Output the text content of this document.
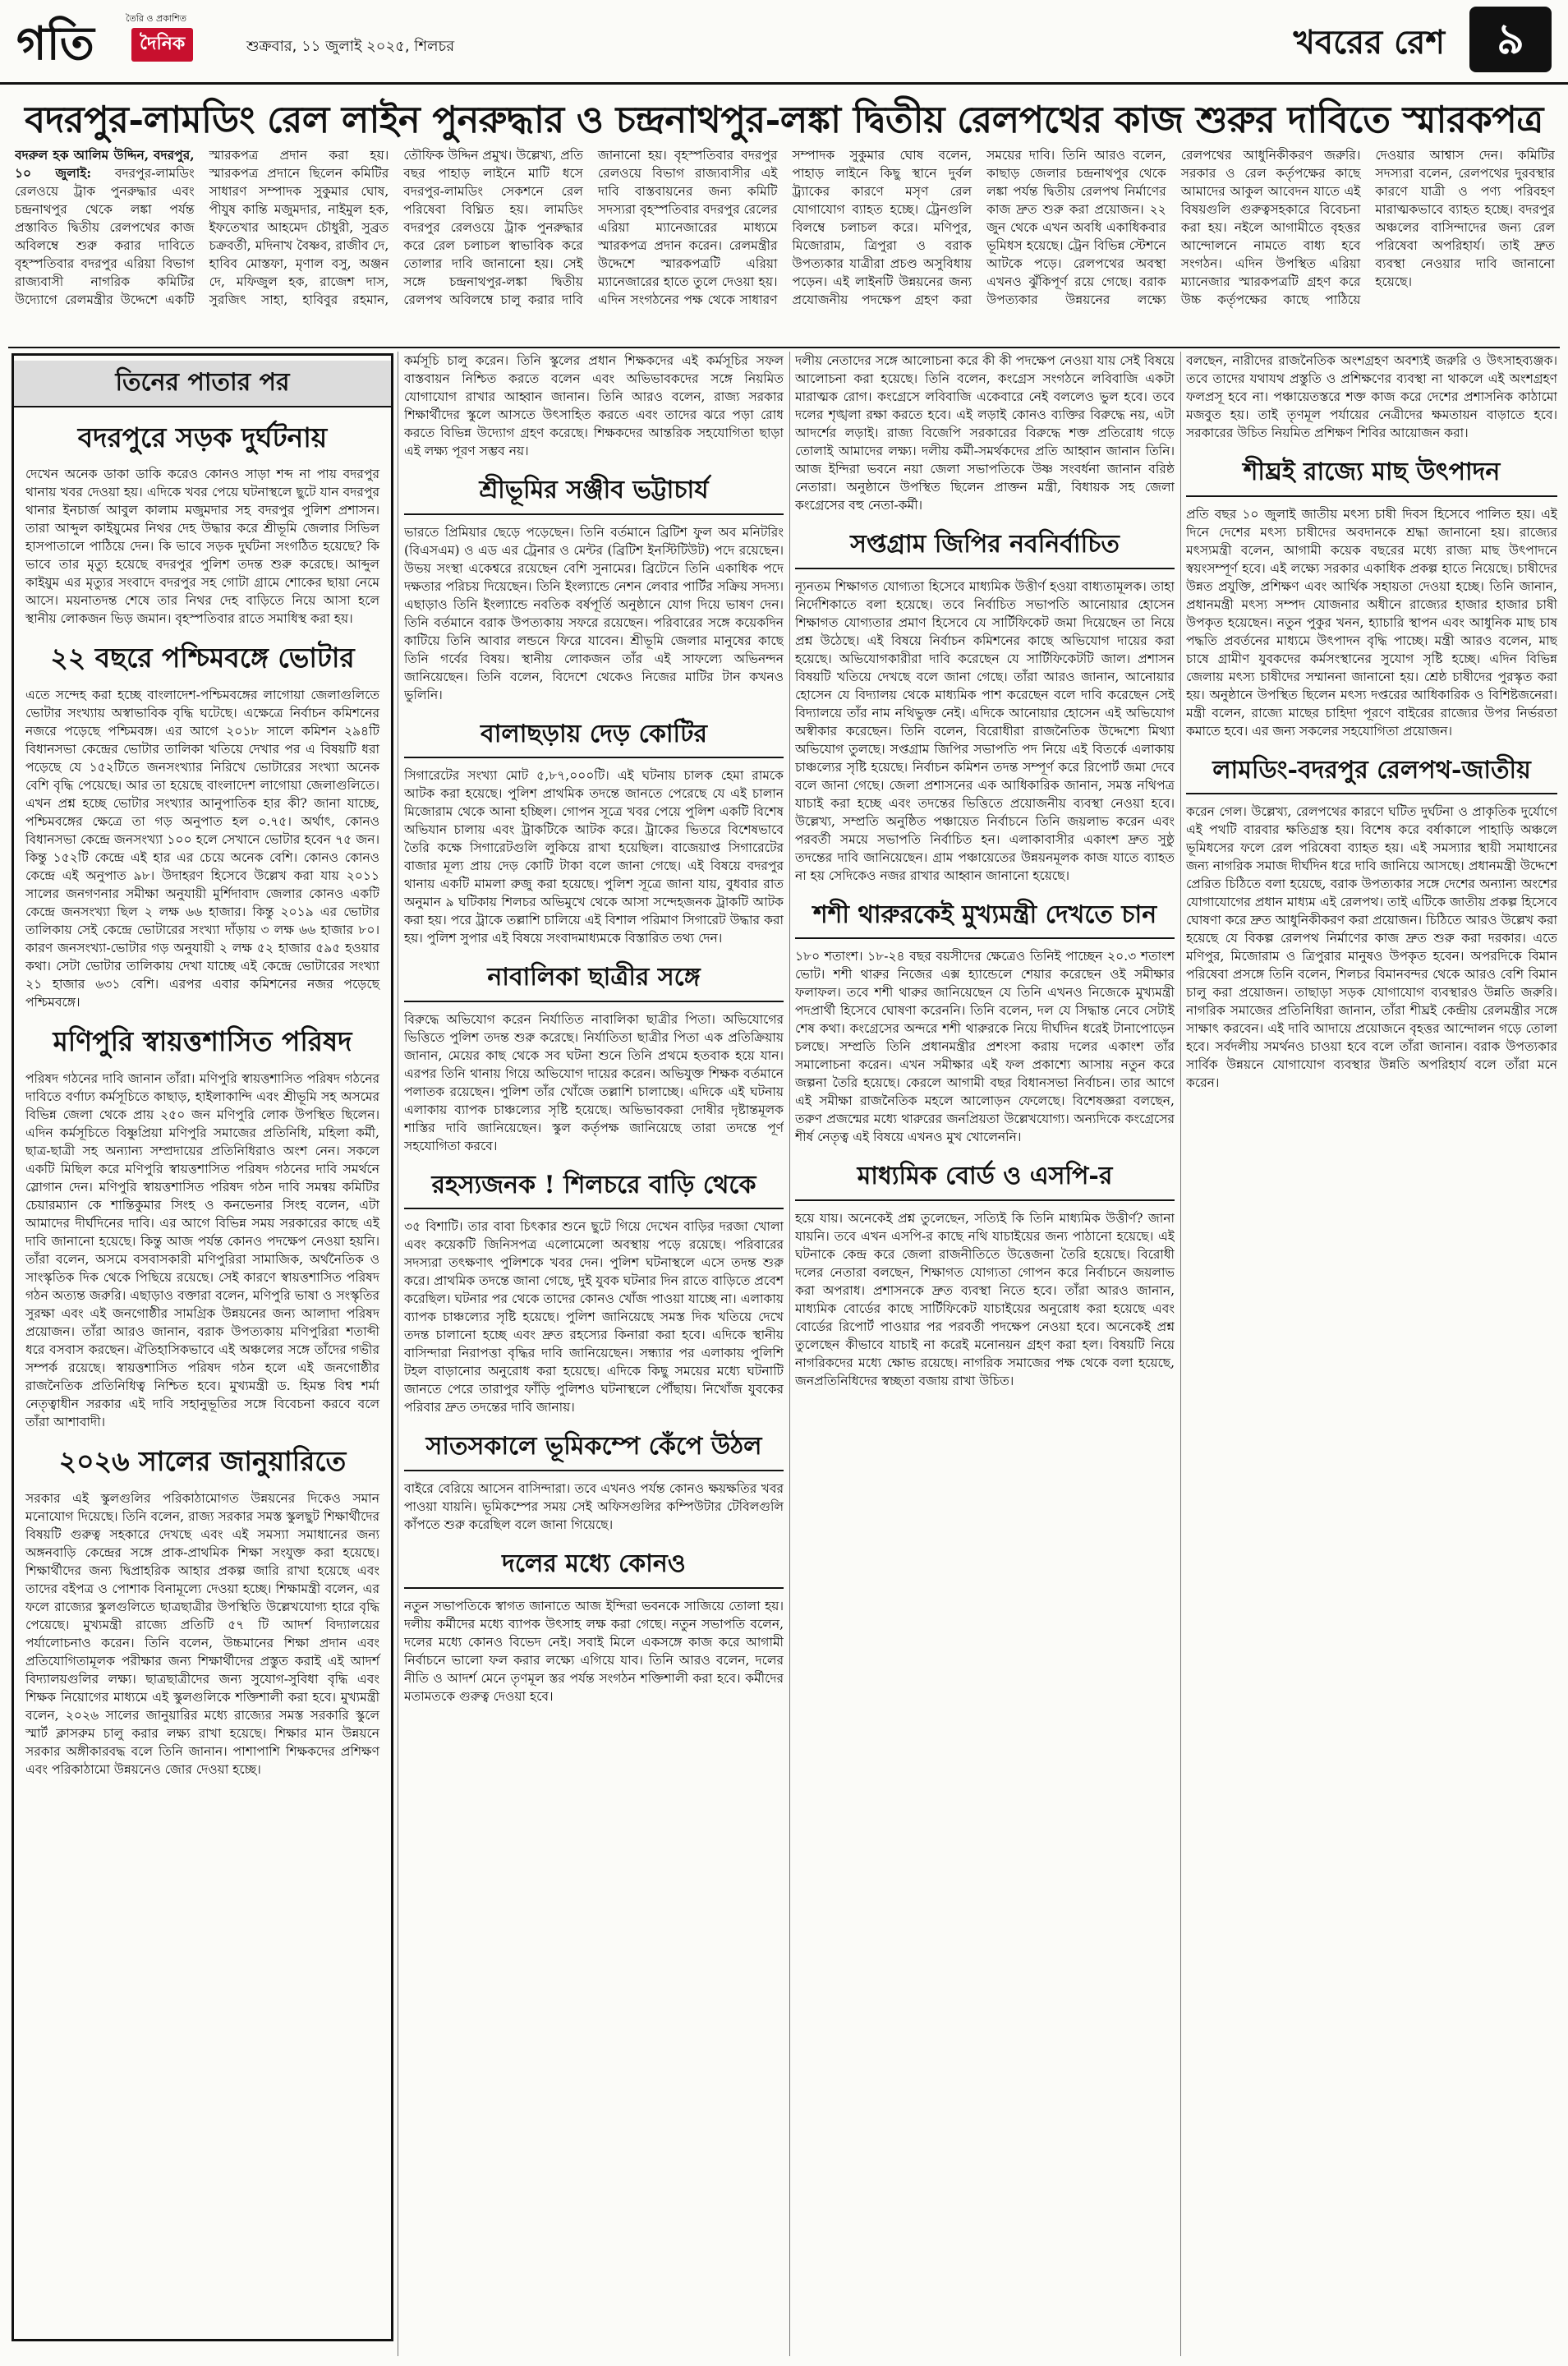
গতি	তৈরি ও প্রকাশিত
দৈনিক	শুক্রবার, ১১ জুলাই ২০২৫, শিলচর	খবরের রেশ	৯
বদরপুর-লামডিং রেল লাইন পুনরুদ্ধার ও চন্দ্রনাথপুর-লঙ্কা দ্বিতীয় রেলপথের কাজ শুরুর দাবিতে স্মারকপত্র
বদরুল হক আলিম উদ্দিন, বদরপুর, ১০ জুলাই: বদরপুর-লামডিং রেলওয়ে ট্রাক পুনরুদ্ধার এবং চন্দ্রনাথপুর থেকে লঙ্কা পর্যন্ত প্রস্তাবিত দ্বিতীয় রেলপথের কাজ অবিলম্বে শুরু করার দাবিতে বৃহস্পতিবার বদরপুর এরিয়া বিভাগ রাজ্যবাসী নাগরিক কমিটির উদ্যোগে রেলমন্ত্রীর উদ্দেশে একটি স্মারকপত্র প্রদান করা হয়। স্মারকপত্র প্রদানে ছিলেন কমিটির সাধারণ সম্পাদক সুকুমার ঘোষ, পীযুষ কান্তি মজুমদার, নাইমুল হক, ইফতেখার আহমেদ চৌধুরী, সুব্রত চক্রবর্তী, মদিনাখ বৈষ্ণব, রাজীব দে, হাবিব মোস্তফা, মৃণাল বসু, অঞ্জন দে, মফিজুল হক, রাজেশ দাস, সুরজিৎ সাহা, হাবিবুর রহমান, তৌফিক উদ্দিন প্রমুখ। উল্লেখ্য, প্রতি বছর পাহাড় লাইনে মাটি ধসে বদরপুর-লামডিং সেকশনে রেল পরিষেবা বিঘ্নিত হয়। লামডিং বদরপুর রেলওয়ে ট্রাক পুনরুদ্ধার করে রেল চলাচল স্বাভাবিক করে তোলার দাবি জানানো হয়। সেই সঙ্গে চন্দ্রনাথপুর-লঙ্কা দ্বিতীয় রেলপথ অবিলম্বে চালু করার দাবি জানানো হয়। বৃহস্পতিবার বদরপুর রেলওয়ে বিভাগ রাজ্যবাসীর এই দাবি বাস্তবায়নের জন্য কমিটি সদস্যরা বৃহস্পতিবার বদরপুর রেলের এরিয়া ম্যানেজারের মাধ্যমে স্মারকপত্র প্রদান করেন। রেলমন্ত্রীর উদ্দেশে স্মারকপত্রটি এরিয়া ম্যানেজারের হাতে তুলে দেওয়া হয়। এদিন সংগঠনের পক্ষ থেকে সাধারণ সম্পাদক সুকুমার ঘোষ বলেন, পাহাড় লাইনে কিছু স্থানে দুর্বল ট্র্যাকের কারণে মসৃণ রেল যোগাযোগ ব্যাহত হচ্ছে। ট্রেনগুলি বিলম্বে চলাচল করে। মণিপুর, মিজোরাম, ত্রিপুরা ও বরাক উপত্যকার যাত্রীরা প্রচণ্ড অসুবিধায় পড়েন। এই লাইনটি উন্নয়নের জন্য প্রযোজনীয় পদক্ষেপ গ্রহণ করা সময়ের দাবি। তিনি আরও বলেন, কাছাড় জেলার চন্দ্রনাথপুর থেকে লঙ্কা পর্যন্ত দ্বিতীয় রেলপথ নির্মাণের কাজ দ্রুত শুরু করা প্রয়োজন। ২২ জুন থেকে এখন অবধি একাধিকবার ভূমিধস হয়েছে। ট্রেন বিভিন্ন স্টেশনে আটকে পড়ে। রেলপথের অবস্থা এখনও ঝুঁকিপূর্ণ রয়ে গেছে। বরাক উপত্যকার উন্নয়নের লক্ষ্যে রেলপথের আধুনিকীকরণ জরুরি। সরকার ও রেল কর্তৃপক্ষের কাছে আমাদের আকুল আবেদন যাতে এই বিষয়গুলি গুরুত্বসহকারে বিবেচনা করা হয়। নইলে আগামীতে বৃহত্তর আন্দোলনে নামতে বাধ্য হবে সংগঠন। এদিন উপস্থিত এরিয়া ম্যানেজার স্মারকপত্রটি গ্রহণ করে উচ্চ কর্তৃপক্ষের কাছে পাঠিয়ে দেওয়ার আশ্বাস দেন। কমিটির সদস্যরা বলেন, রেলপথের দুরবস্থার কারণে যাত্রী ও পণ্য পরিবহণ মারাত্মকভাবে ব্যাহত হচ্ছে। বদরপুর অঞ্চলের বাসিন্দাদের জন্য রেল পরিষেবা অপরিহার্য। তাই দ্রুত ব্যবস্থা নেওয়ার দাবি জানানো হয়েছে।
তিনের পাতার পর
বদরপুরে সড়ক দুর্ঘটনায়

দেখেন অনেক ডাকা ডাকি করেও কোনও সাড়া শব্দ না পায় বদরপুর থানায় খবর দেওয়া হয়। এদিকে খবর পেয়ে ঘটনাস্থলে ছুটে যান বদরপুর থানার ইনচার্জ আবুল কালাম মজুমদার সহ বদরপুর পুলিশ প্রশাসন। তারা আব্দুল কাইয়ুমের নিথর দেহ উদ্ধার করে শ্রীভূমি জেলার সিভিল হাসপাতালে পাঠিয়ে দেন। কি ভাবে সড়ক দুর্ঘটনা সংগঠিত হয়েছে? কি ভাবে তার মৃত্যু হয়েছে বদরপুর পুলিশ তদন্ত শুরু করেছে। আব্দুল কাইয়ুম এর মৃত্যুর সংবাদে বদরপুর সহ গোটা গ্রামে শোকের ছায়া নেমে আসে। ময়নাতদন্ত শেষে তার নিথর দেহ বাড়িতে নিয়ে আসা হলে স্থানীয় লোকজন ভিড় জমান। বৃহস্পতিবার রাতে সমাধিস্থ করা হয়।

২২ বছরে পশ্চিমবঙ্গে ভোটার

এতে সন্দেহ করা হচ্ছে বাংলাদেশ-পশ্চিমবঙ্গের লাগোয়া জেলাগুলিতে ভোটার সংখ্যায় অস্বাভাবিক বৃদ্ধি ঘটেছে। এক্ষেত্রে নির্বাচন কমিশনের নজরে পড়েছে পশ্চিমবঙ্গ। এর আগে ২০১৮ সালে কমিশন ২৯৪টি বিধানসভা কেন্দ্রের ভোটার তালিকা খতিয়ে দেখার পর এ বিষয়টি ধরা পড়েছে যে ১৫২টিতে জনসংখ্যার নিরিখে ভোটারের সংখ্যা অনেক বেশি বৃদ্ধি পেয়েছে। আর তা হয়েছে বাংলাদেশ লাগোয়া জেলাগুলিতে। এখন প্রশ্ন হচ্ছে ভোটার সংখ্যার আনুপাতিক হার কী? জানা যাচ্ছে, পশ্চিমবঙ্গের ক্ষেত্রে তা গড় অনুপাত হল ০.৭৫। অর্থাৎ, কোনও বিধানসভা কেন্দ্রে জনসংখ্যা ১০০ হলে সেখানে ভোটার হবেন ৭৫ জন। কিন্তু ১৫২টি কেন্দ্রে এই হার এর চেয়ে অনেক বেশি। কোনও কোনও কেন্দ্রে এই অনুপাত ৯৮। উদাহরণ হিসেবে উল্লেখ করা যায় ২০১১ সালের জনগণনার সমীক্ষা অনুযায়ী মুর্শিদাবাদ জেলার কোনও একটি কেন্দ্রে জনসংখ্যা ছিল ২ লক্ষ ৬৬ হাজার। কিন্তু ২০১৯ এর ভোটার তালিকায় সেই কেন্দ্রে ভোটারের সংখ্যা দাঁড়ায় ৩ লক্ষ ৬৬ হাজার ৮০। কারণ জনসংখ্যা-ভোটার গড় অনুযায়ী ২ লক্ষ ৫২ হাজার ৫৯৫ হওয়ার কথা। সেটা ভোটার তালিকায় দেখা যাচ্ছে এই কেন্দ্রে ভোটারের সংখ্যা ২১ হাজার ৬৩১ বেশি। এরপর এবার কমিশনের নজর পড়েছে পশ্চিমবঙ্গে।

মণিপুরি স্বায়ত্তশাসিত পরিষদ

পরিষদ গঠনের দাবি জানান তাঁরা। মণিপুরি স্বায়ত্তশাসিত পরিষদ গঠনের দাবিতে বর্ণাঢ্য কর্মসূচিতে কাছাড়, হাইলাকান্দি এবং শ্রীভূমি সহ অসমের বিভিন্ন জেলা থেকে প্রায় ২৫০ জন মণিপুরি লোক উপস্থিত ছিলেন। এদিন কর্মসূচিতে বিষ্ণুপ্রিয়া মণিপুরি সমাজের প্রতিনিধি, মহিলা কর্মী, ছাত্র-ছাত্রী সহ অন্যান্য সম্প্রদায়ের প্রতিনিধিরাও অংশ নেন। সকলে একটি মিছিল করে মণিপুরি স্বায়ত্তশাসিত পরিষদ গঠনের দাবি সমর্থনে স্লোগান দেন। মণিপুরি স্বায়ত্তশাসিত পরিষদ গঠন দাবি সমন্বয় কমিটির চেয়ারম্যান কে শান্তিকুমার সিংহ ও কনভেনার সিংহ বলেন, এটা আমাদের দীর্ঘদিনের দাবি। এর আগে বিভিন্ন সময় সরকারের কাছে এই দাবি জানানো হয়েছে। কিন্তু আজ পর্যন্ত কোনও পদক্ষেপ নেওয়া হয়নি। তাঁরা বলেন, অসমে বসবাসকারী মণিপুরিরা সামাজিক, অর্থনৈতিক ও সাংস্কৃতিক দিক থেকে পিছিয়ে রয়েছে। সেই কারণে স্বায়ত্তশাসিত পরিষদ গঠন অত্যন্ত জরুরি। এছাড়াও বক্তারা বলেন, মণিপুরি ভাষা ও সংস্কৃতির সুরক্ষা এবং এই জনগোষ্ঠীর সামগ্রিক উন্নয়নের জন্য আলাদা পরিষদ প্রয়োজন। তাঁরা আরও জানান, বরাক উপত্যকায় মণিপুরিরা শতাব্দী ধরে বসবাস করছেন। ঐতিহাসিকভাবে এই অঞ্চলের সঙ্গে তাঁদের গভীর সম্পর্ক রয়েছে। স্বায়ত্তশাসিত পরিষদ গঠন হলে এই জনগোষ্ঠীর রাজনৈতিক প্রতিনিধিত্ব নিশ্চিত হবে। মুখ্যমন্ত্রী ড. হিমন্ত বিশ্ব শর্মা নেতৃত্বাধীন সরকার এই দাবি সহানুভূতির সঙ্গে বিবেচনা করবে বলে তাঁরা আশাবাদী।

২০২৬ সালের জানুয়ারিতে

সরকার এই স্কুলগুলির পরিকাঠামোগত উন্নয়নের দিকেও সমান মনোযোগ দিয়েছে। তিনি বলেন, রাজ্য সরকার সমস্ত স্কুলছুট শিক্ষার্থীদের বিষয়টি গুরুত্ব সহকারে দেখছে এবং এই সমস্যা সমাধানের জন্য অঙ্গনবাড়ি কেন্দ্রের সঙ্গে প্রাক-প্রাথমিক শিক্ষা সংযুক্ত করা হয়েছে। শিক্ষার্থীদের জন্য দ্বিপ্রাহরিক আহার প্রকল্প জারি রাখা হয়েছে এবং তাদের বইপত্র ও পোশাক বিনামূল্যে দেওয়া হচ্ছে। শিক্ষামন্ত্রী বলেন, এর ফলে রাজ্যের স্কুলগুলিতে ছাত্রছাত্রীর উপস্থিতি উল্লেখযোগ্য হারে বৃদ্ধি পেয়েছে। মুখ্যমন্ত্রী রাজ্যে প্রতিটি ৫৭ টি আদর্শ বিদ্যালয়ের পর্যালোচনাও করেন। তিনি বলেন, উচ্চমানের শিক্ষা প্রদান এবং প্রতিযোগিতামূলক পরীক্ষার জন্য শিক্ষার্থীদের প্রস্তুত করাই এই আদর্শ বিদ্যালয়গুলির লক্ষ্য। ছাত্রছাত্রীদের জন্য সুযোগ-সুবিধা বৃদ্ধি এবং শিক্ষক নিয়োগের মাধ্যমে এই স্কুলগুলিকে শক্তিশালী করা হবে। মুখ্যমন্ত্রী বলেন, ২০২৬ সালের জানুয়ারির মধ্যে রাজ্যের সমস্ত সরকারি স্কুলে স্মার্ট ক্লাসরুম চালু করার লক্ষ্য রাখা হয়েছে। শিক্ষার মান উন্নয়নে সরকার অঙ্গীকারবদ্ধ বলে তিনি জানান। পাশাপাশি শিক্ষকদের প্রশিক্ষণ এবং পরিকাঠামো উন্নয়নেও জোর দেওয়া হচ্ছে।

কর্মসূচি চালু করেন। তিনি স্কুলের প্রধান শিক্ষকদের এই কর্মসূচির সফল বাস্তবায়ন নিশ্চিত করতে বলেন এবং অভিভাবকদের সঙ্গে নিয়মিত যোগাযোগ রাখার আহ্বান জানান। তিনি আরও বলেন, রাজ্য সরকার শিক্ষার্থীদের স্কুলে আসতে উৎসাহিত করতে এবং তাদের ঝরে পড়া রোধ করতে বিভিন্ন উদ্যোগ গ্রহণ করেছে। শিক্ষকদের আন্তরিক সহযোগিতা ছাড়া এই লক্ষ্য পূরণ সম্ভব নয়।

শ্রীভূমির সঞ্জীব ভট্টাচার্য

ভারতে প্রিমিয়ার ছেড়ে পড়েছেন। তিনি বর্তমানে ব্রিটিশ ফুল অব মনিটরিং (বিএসএম) ও এড এর ট্রেনার ও মেন্টর (ব্রিটিশ ইনস্টিটিউট) পদে রয়েছেন। উভয় সংস্থা একেশ্বরে রয়েছেন বেশি সুনামের। ব্রিটেনে তিনি একাধিক পদে দক্ষতার পরিচয় দিয়েছেন। তিনি ইংল্যান্ডে নেশন লেবার পার্টির সক্রিয় সদস্য। এছাড়াও তিনি ইংল্যান্ডে নবতিক বর্ষপূর্তি অনুষ্ঠানে যোগ দিয়ে ভাষণ দেন। তিনি বর্তমানে বরাক উপত্যকায় সফরে রয়েছেন। পরিবারের সঙ্গে কয়েকদিন কাটিয়ে তিনি আবার লন্ডনে ফিরে যাবেন। শ্রীভূমি জেলার মানুষের কাছে তিনি গর্বের বিষয়। স্থানীয় লোকজন তাঁর এই সাফল্যে অভিনন্দন জানিয়েছেন। তিনি বলেন, বিদেশে থেকেও নিজের মাটির টান কখনও ভুলিনি।

বালাছড়ায় দেড় কোটির

সিগারেটের সংখ্যা মোট ৫,৮৭,০০০টি। এই ঘটনায় চালক হেমা রামকে আটক করা হয়েছে। পুলিশ প্রাথমিক তদন্তে জানতে পেরেছে যে এই চালান মিজোরাম থেকে আনা হচ্ছিল। গোপন সূত্রে খবর পেয়ে পুলিশ একটি বিশেষ অভিযান চালায় এবং ট্রাকটিকে আটক করে। ট্রাকের ভিতরে বিশেষভাবে তৈরি কক্ষে সিগারেটগুলি লুকিয়ে রাখা হয়েছিল। বাজেয়াপ্ত সিগারেটের বাজার মূল্য প্রায় দেড় কোটি টাকা বলে জানা গেছে। এই বিষয়ে বদরপুর থানায় একটি মামলা রুজু করা হয়েছে। পুলিশ সূত্রে জানা যায়, বুধবার রাত অনুমান ৯ ঘটিকায় শিলচর অভিমুখে থেকে আসা সন্দেহজনক ট্রাকটি আটক করা হয়। পরে ট্রাকে তল্লাশি চালিয়ে এই বিশাল পরিমাণ সিগারেট উদ্ধার করা হয়। পুলিশ সুপার এই বিষয়ে সংবাদমাধ্যমকে বিস্তারিত তথ্য দেন।

নাবালিকা ছাত্রীর সঙ্গে

বিরুদ্ধে অভিযোগ করেন নির্যাতিত নাবালিকা ছাত্রীর পিতা। অভিযোগের ভিত্তিতে পুলিশ তদন্ত শুরু করেছে। নির্যাতিতা ছাত্রীর পিতা এক প্রতিক্রিয়ায় জানান, মেয়ের কাছ থেকে সব ঘটনা শুনে তিনি প্রথমে হতবাক হয়ে যান। এরপর তিনি থানায় গিয়ে অভিযোগ দায়ের করেন। অভিযুক্ত শিক্ষক বর্তমানে পলাতক রয়েছেন। পুলিশ তাঁর খোঁজে তল্লাশি চালাচ্ছে। এদিকে এই ঘটনায় এলাকায় ব্যাপক চাঞ্চল্যের সৃষ্টি হয়েছে। অভিভাবকরা দোষীর দৃষ্টান্তমূলক শাস্তির দাবি জানিয়েছেন। স্কুল কর্তৃপক্ষ জানিয়েছে তারা তদন্তে পূর্ণ সহযোগিতা করবে।

রহস্যজনক ! শিলচরে বাড়ি থেকে

৩৫ বিশাটি। তার বাবা চিৎকার শুনে ছুটে গিয়ে দেখেন বাড়ির দরজা খোলা এবং কয়েকটি জিনিসপত্র এলোমেলো অবস্থায় পড়ে রয়েছে। পরিবারের সদস্যরা তৎক্ষণাৎ পুলিশকে খবর দেন। পুলিশ ঘটনাস্থলে এসে তদন্ত শুরু করে। প্রাথমিক তদন্তে জানা গেছে, দুই যুবক ঘটনার দিন রাতে বাড়িতে প্রবেশ করেছিল। ঘটনার পর থেকে তাদের কোনও খোঁজ পাওয়া যাচ্ছে না। এলাকায় ব্যাপক চাঞ্চল্যের সৃষ্টি হয়েছে। পুলিশ জানিয়েছে সমস্ত দিক খতিয়ে দেখে তদন্ত চালানো হচ্ছে এবং দ্রুত রহস্যের কিনারা করা হবে। এদিকে স্থানীয় বাসিন্দারা নিরাপত্তা বৃদ্ধির দাবি জানিয়েছেন। সন্ধ্যার পর এলাকায় পুলিশি টহল বাড়ানোর অনুরোধ করা হয়েছে। এদিকে কিছু সময়ের মধ্যে ঘটনাটি জানতে পেরে তারাপুর ফাঁড়ি পুলিশও ঘটনাস্থলে পৌঁছায়। নিখোঁজ যুবকের পরিবার দ্রুত তদন্তের দাবি জানায়।

সাতসকালে ভূমিকম্পে কেঁপে উঠল

বাইরে বেরিয়ে আসেন বাসিন্দারা। তবে এখনও পর্যন্ত কোনও ক্ষয়ক্ষতির খবর পাওয়া যায়নি। ভূমিকম্পের সময় সেই অফিসগুলির কম্পিউটার টেবিলগুলি কাঁপতে শুরু করেছিল বলে জানা গিয়েছে।

দলের মধ্যে কোনও

নতুন সভাপতিকে স্বাগত জানাতে আজ ইন্দিরা ভবনকে সাজিয়ে তোলা হয়। দলীয় কর্মীদের মধ্যে ব্যাপক উৎসাহ লক্ষ করা গেছে। নতুন সভাপতি বলেন, দলের মধ্যে কোনও বিভেদ নেই। সবাই মিলে একসঙ্গে কাজ করে আগামী নির্বাচনে ভালো ফল করার লক্ষ্যে এগিয়ে যাব। তিনি আরও বলেন, দলের নীতি ও আদর্শ মেনে তৃণমূল স্তর পর্যন্ত সংগঠন শক্তিশালী করা হবে। কর্মীদের মতামতকে গুরুত্ব দেওয়া হবে।

দলীয় নেতাদের সঙ্গে আলোচনা করে কী কী পদক্ষেপ নেওয়া যায় সেই বিষয়ে আলোচনা করা হয়েছে। তিনি বলেন, কংগ্রেস সংগঠনে লবিবাজি একটা মারাত্মক রোগ। কংগ্রেসে লবিবাজি একেবারে নেই বললেও ভুল হবে। তবে দলের শৃঙ্খলা রক্ষা করতে হবে। এই লড়াই কোনও ব্যক্তির বিরুদ্ধে নয়, এটা আদর্শের লড়াই। রাজ্য বিজেপি সরকারের বিরুদ্ধে শক্ত প্রতিরোধ গড়ে তোলাই আমাদের লক্ষ্য। দলীয় কর্মী-সমর্থকদের প্রতি আহ্বান জানান তিনি। আজ ইন্দিরা ভবনে নয়া জেলা সভাপতিকে উষ্ণ সংবর্ধনা জানান বরিষ্ঠ নেতারা। অনুষ্ঠানে উপস্থিত ছিলেন প্রাক্তন মন্ত্রী, বিধায়ক সহ জেলা কংগ্রেসের বহু নেতা-কর্মী।

সপ্তগ্রাম জিপির নবনির্বাচিত

ন্যূনতম শিক্ষাগত যোগ্যতা হিসেবে মাধ্যমিক উত্তীর্ণ হওয়া বাধ্যতামূলক। তাহা নির্দেশিকাতে বলা হয়েছে। তবে নির্বাচিত সভাপতি আনোয়ার হোসেন শিক্ষাগত যোগ্যতার প্রমাণ হিসেবে যে সার্টিফিকেট জমা দিয়েছেন তা নিয়ে প্রশ্ন উঠেছে। এই বিষয়ে নির্বাচন কমিশনের কাছে অভিযোগ দায়ের করা হয়েছে। অভিযোগকারীরা দাবি করেছেন যে সার্টিফিকেটটি জাল। প্রশাসন বিষয়টি খতিয়ে দেখছে বলে জানা গেছে। তাঁরা আরও জানান, আনোয়ার হোসেন যে বিদ্যালয় থেকে মাধ্যমিক পাশ করেছেন বলে দাবি করেছেন সেই বিদ্যালয়ে তাঁর নাম নথিভুক্ত নেই। এদিকে আনোয়ার হোসেন এই অভিযোগ অস্বীকার করেছেন। তিনি বলেন, বিরোধীরা রাজনৈতিক উদ্দেশ্যে মিথ্যা অভিযোগ তুলছে। সপ্তগ্রাম জিপির সভাপতি পদ নিয়ে এই বিতর্কে এলাকায় চাঞ্চল্যের সৃষ্টি হয়েছে। নির্বাচন কমিশন তদন্ত সম্পূর্ণ করে রিপোর্ট জমা দেবে বলে জানা গেছে। জেলা প্রশাসনের এক আধিকারিক জানান, সমস্ত নথিপত্র যাচাই করা হচ্ছে এবং তদন্তের ভিত্তিতে প্রয়োজনীয় ব্যবস্থা নেওয়া হবে। উল্লেখ্য, সম্প্রতি অনুষ্ঠিত পঞ্চায়েত নির্বাচনে তিনি জয়লাভ করেন এবং পরবর্তী সময়ে সভাপতি নির্বাচিত হন। এলাকাবাসীর একাংশ দ্রুত সুষ্ঠু তদন্তের দাবি জানিয়েছেন। গ্রাম পঞ্চায়েতের উন্নয়নমূলক কাজ যাতে ব্যাহত না হয় সেদিকেও নজর রাখার আহ্বান জানানো হয়েছে।

শশী থারুরকেই মুখ্যমন্ত্রী দেখতে চান

১৮০ শতাংশ। ১৮-২৪ বছর বয়সীদের ক্ষেত্রেও তিনিই পাচ্ছেন ২০.৩ শতাংশ ভোট। শশী থারুর নিজের এক্স হ্যান্ডেলে শেয়ার করেছেন ওই সমীক্ষার ফলাফল। তবে শশী থারুর জানিয়েছেন যে তিনি এখনও নিজেকে মুখ্যমন্ত্রী পদপ্রার্থী হিসেবে ঘোষণা করেননি। তিনি বলেন, দল যে সিদ্ধান্ত নেবে সেটাই শেষ কথা। কংগ্রেসের অন্দরে শশী থারুরকে নিয়ে দীর্ঘদিন ধরেই টানাপোড়েন চলছে। সম্প্রতি তিনি প্রধানমন্ত্রীর প্রশংসা করায় দলের একাংশ তাঁর সমালোচনা করেন। এখন সমীক্ষার এই ফল প্রকাশ্যে আসায় নতুন করে জল্পনা তৈরি হয়েছে। কেরলে আগামী বছর বিধানসভা নির্বাচন। তার আগে এই সমীক্ষা রাজনৈতিক মহলে আলোড়ন ফেলেছে। বিশেষজ্ঞরা বলছেন, তরুণ প্রজন্মের মধ্যে থারুরের জনপ্রিয়তা উল্লেখযোগ্য। অন্যদিকে কংগ্রেসের শীর্ষ নেতৃত্ব এই বিষয়ে এখনও মুখ খোলেননি।

মাধ্যমিক বোর্ড ও এসপি-র

হয়ে যায়। অনেকেই প্রশ্ন তুলেছেন, সত্যিই কি তিনি মাধ্যমিক উত্তীর্ণ? জানা যায়নি। তবে এখন এসপি-র কাছে নথি যাচাইয়ের জন্য পাঠানো হয়েছে। এই ঘটনাকে কেন্দ্র করে জেলা রাজনীতিতে উত্তেজনা তৈরি হয়েছে। বিরোধী দলের নেতারা বলছেন, শিক্ষাগত যোগ্যতা গোপন করে নির্বাচনে জয়লাভ করা অপরাধ। প্রশাসনকে দ্রুত ব্যবস্থা নিতে হবে। তাঁরা আরও জানান, মাধ্যমিক বোর্ডের কাছে সার্টিফিকেট যাচাইয়ের অনুরোধ করা হয়েছে এবং বোর্ডের রিপোর্ট পাওয়ার পর পরবর্তী পদক্ষেপ নেওয়া হবে। অনেকেই প্রশ্ন তুলেছেন কীভাবে যাচাই না করেই মনোনয়ন গ্রহণ করা হল। বিষয়টি নিয়ে নাগরিকদের মধ্যে ক্ষোভ রয়েছে। নাগরিক সমাজের পক্ষ থেকে বলা হয়েছে, জনপ্রতিনিধিদের স্বচ্ছতা বজায় রাখা উচিত।

বলছেন, নারীদের রাজনৈতিক অংশগ্রহণ অবশ্যই জরুরি ও উৎসাহব্যঞ্জক। তবে তাদের যথাযথ প্রস্তুতি ও প্রশিক্ষণের ব্যবস্থা না থাকলে এই অংশগ্রহণ ফলপ্রসূ হবে না। পঞ্চায়েতস্তরে শক্ত কাজ করে দেশের প্রশাসনিক কাঠামো মজবুত হয়। তাই তৃণমূল পর্যায়ের নেত্রীদের ক্ষমতায়ন বাড়াতে হবে। সরকারের উচিত নিয়মিত প্রশিক্ষণ শিবির আয়োজন করা।

শীঘ্রই রাজ্যে মাছ উৎপাদন

প্রতি বছর ১০ জুলাই জাতীয় মৎস্য চাষী দিবস হিসেবে পালিত হয়। এই দিনে দেশের মৎস্য চাষীদের অবদানকে শ্রদ্ধা জানানো হয়। রাজ্যের মৎস্যমন্ত্রী বলেন, আগামী কয়েক বছরের মধ্যে রাজ্য মাছ উৎপাদনে স্বয়ংসম্পূর্ণ হবে। এই লক্ষ্যে সরকার একাধিক প্রকল্প হাতে নিয়েছে। চাষীদের উন্নত প্রযুক্তি, প্রশিক্ষণ এবং আর্থিক সহায়তা দেওয়া হচ্ছে। তিনি জানান, প্রধানমন্ত্রী মৎস্য সম্পদ যোজনার অধীনে রাজ্যের হাজার হাজার চাষী উপকৃত হয়েছেন। নতুন পুকুর খনন, হ্যাচারি স্থাপন এবং আধুনিক মাছ চাষ পদ্ধতি প্রবর্তনের মাধ্যমে উৎপাদন বৃদ্ধি পাচ্ছে। মন্ত্রী আরও বলেন, মাছ চাষে গ্রামীণ যুবকদের কর্মসংস্থানের সুযোগ সৃষ্টি হচ্ছে। এদিন বিভিন্ন জেলায় মৎস্য চাষীদের সম্মাননা জানানো হয়। শ্রেষ্ঠ চাষীদের পুরস্কৃত করা হয়। অনুষ্ঠানে উপস্থিত ছিলেন মৎস্য দপ্তরের আধিকারিক ও বিশিষ্টজনেরা। মন্ত্রী বলেন, রাজ্যে মাছের চাহিদা পূরণে বাইরের রাজ্যের উপর নির্ভরতা কমাতে হবে। এর জন্য সকলের সহযোগিতা প্রয়োজন।

লামডিং-বদরপুর রেলপথ-জাতীয়

করেন গেল। উল্লেখ্য, রেলপথের কারণে ঘটিত দুর্ঘটনা ও প্রাকৃতিক দুর্যোগে এই পথটি বারবার ক্ষতিগ্রস্ত হয়। বিশেষ করে বর্ষাকালে পাহাড়ি অঞ্চলে ভূমিধসের ফলে রেল পরিষেবা ব্যাহত হয়। এই সমস্যার স্থায়ী সমাধানের জন্য নাগরিক সমাজ দীর্ঘদিন ধরে দাবি জানিয়ে আসছে। প্রধানমন্ত্রী উদ্দেশে প্রেরিত চিঠিতে বলা হয়েছে, বরাক উপত্যকার সঙ্গে দেশের অন্যান্য অংশের যোগাযোগের প্রধান মাধ্যম এই রেলপথ। তাই এটিকে জাতীয় প্রকল্প হিসেবে ঘোষণা করে দ্রুত আধুনিকীকরণ করা প্রয়োজন। চিঠিতে আরও উল্লেখ করা হয়েছে যে বিকল্প রেলপথ নির্মাণের কাজ দ্রুত শুরু করা দরকার। এতে মণিপুর, মিজোরাম ও ত্রিপুরার মানুষও উপকৃত হবেন। অপরদিকে বিমান পরিষেবা প্রসঙ্গে তিনি বলেন, শিলচর বিমানবন্দর থেকে আরও বেশি বিমান চালু করা প্রয়োজন। তাছাড়া সড়ক যোগাযোগ ব্যবস্থারও উন্নতি জরুরি। নাগরিক সমাজের প্রতিনিধিরা জানান, তাঁরা শীঘ্রই কেন্দ্রীয় রেলমন্ত্রীর সঙ্গে সাক্ষাৎ করবেন। এই দাবি আদায়ে প্রয়োজনে বৃহত্তর আন্দোলন গড়ে তোলা হবে। সর্বদলীয় সমর্থনও চাওয়া হবে বলে তাঁরা জানান। বরাক উপত্যকার সার্বিক উন্নয়নে যোগাযোগ ব্যবস্থার উন্নতি অপরিহার্য বলে তাঁরা মনে করেন।
